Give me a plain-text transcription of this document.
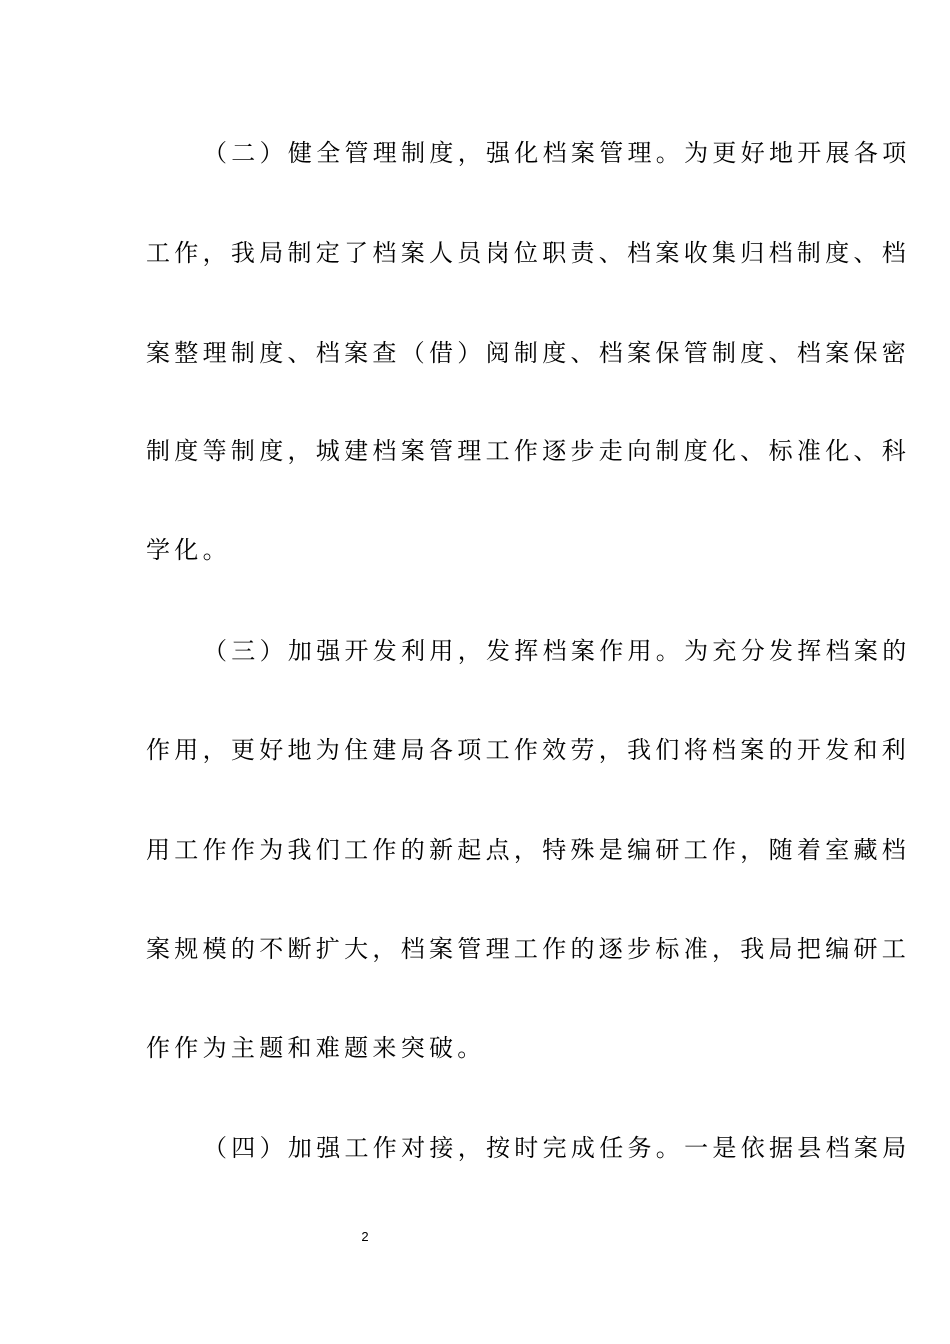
（二）健全管理制度，强化档案管理。为更好地开展各项

工作，我局制定了档案人员岗位职责、档案收集归档制度、档

案整理制度、档案查（借）阅制度、档案保管制度、档案保密

制度等制度，城建档案管理工作逐步走向制度化、标准化、科

学化。

（三）加强开发利用，发挥档案作用。为充分发挥档案的

作用，更好地为住建局各项工作效劳，我们将档案的开发和利

用工作作为我们工作的新起点，特殊是编研工作，随着室藏档

案规模的不断扩大，档案管理工作的逐步标准，我局把编研工

作作为主题和难题来突破。

（四）加强工作对接，按时完成任务。一是依据县档案局

2
